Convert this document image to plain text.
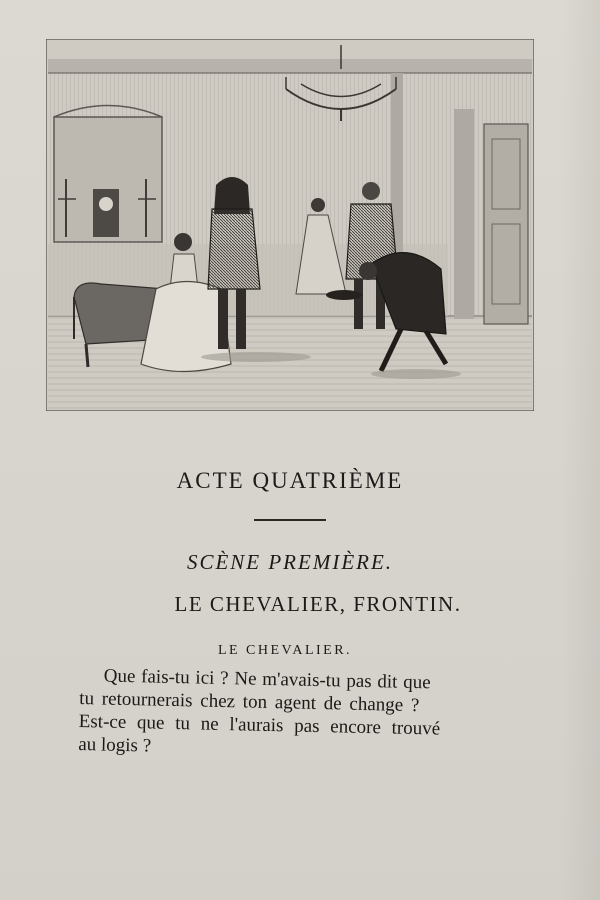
ACTE QUATRIÈME
SCÈNE PREMIÈRE.
LE CHEVALIER, FRONTIN.
LE CHEVALIER.
Que fais-tu ici ? Ne m'avais-tu pas dit que
tu retournerais chez ton agent de change ?
Est-ce que tu ne l'aurais pas encore trouvé
au logis ?
